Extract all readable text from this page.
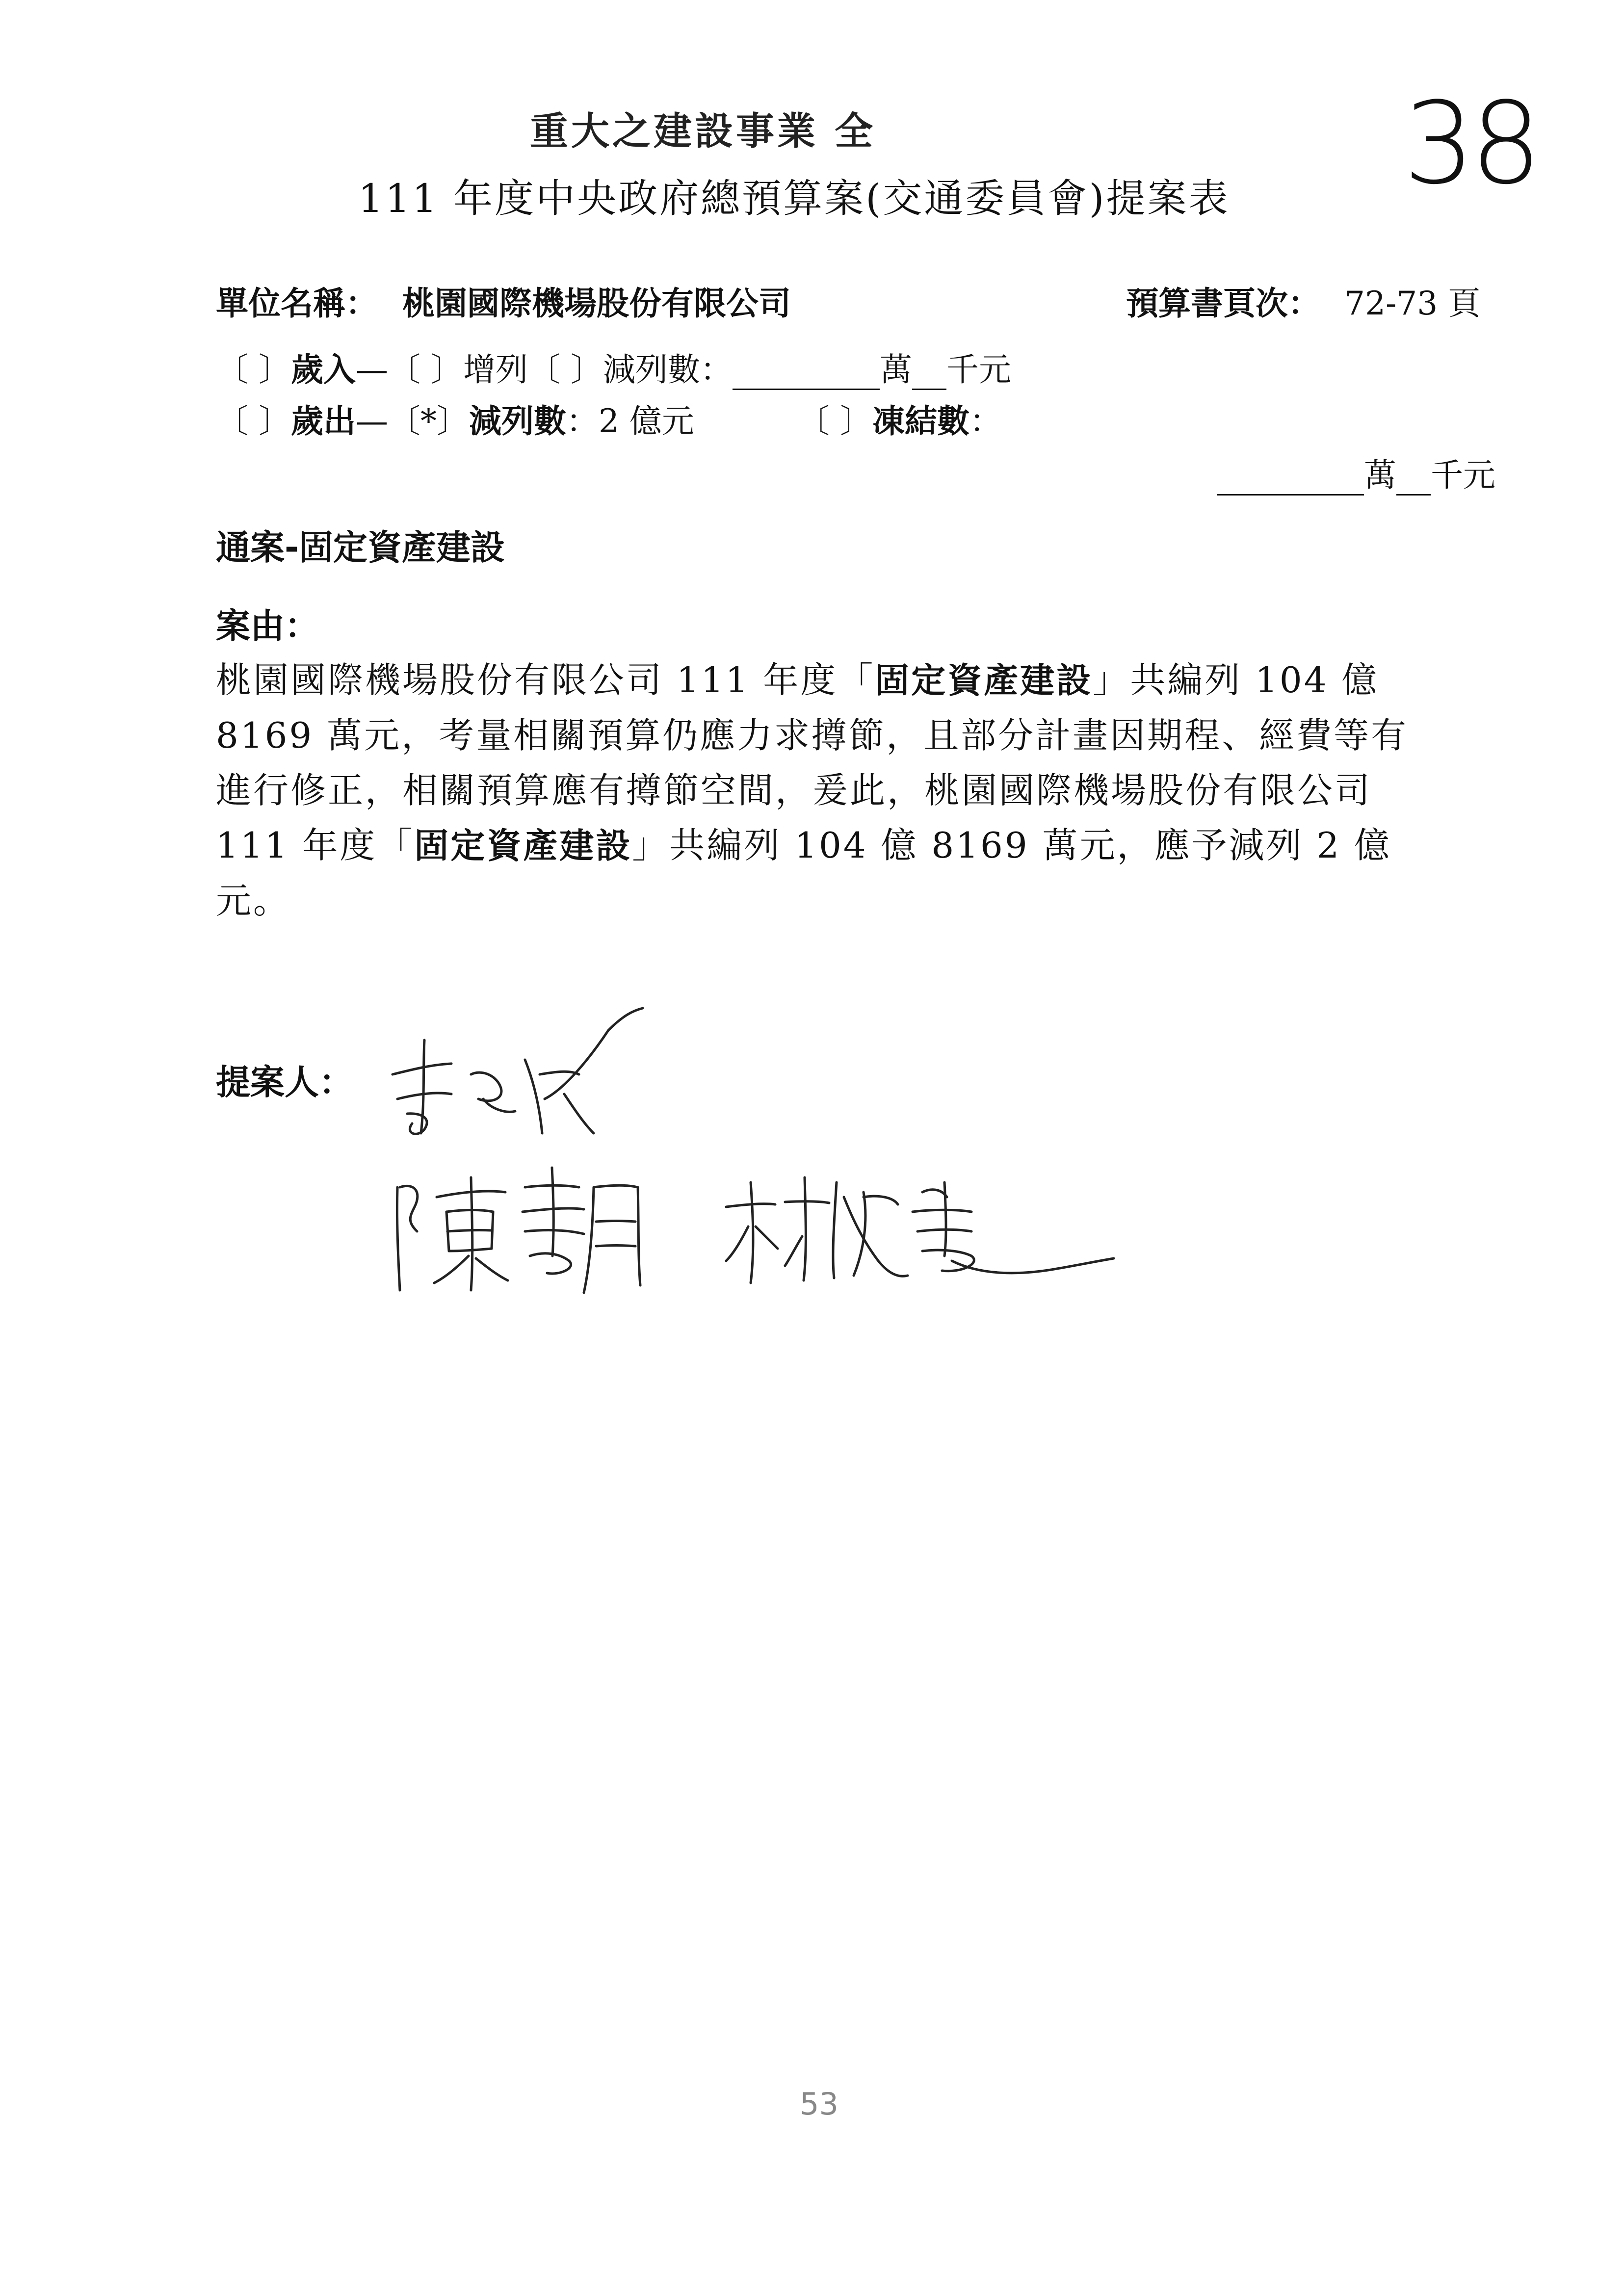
重大之建設事業 全	38
111 年度中央政府總預算案(交通委員會)提案表
單位名稱： 桃園國際機場股份有限公司	預算書頁次： 72-73 頁
〔 〕歲入—〔 〕增列〔 〕減列數：	萬 千元
〔 〕歲出—〔*〕減列數：2 億元	〔 〕凍結數：
萬 千元
通案-固定資產建設
案由：
桃園國際機場股份有限公司 111 年度「固定資產建設」共編列 104 億 8169 萬元，考量相關預算仍應力求撙節，且部分計畫因期程、經費等有進行修正，相關預算應有撙節空間，爰此，桃園國際機場股份有限公司 111 年度「固定資產建設」共編列 104 億 8169 萬元，應予減列 2 億元。
提案人：
53
